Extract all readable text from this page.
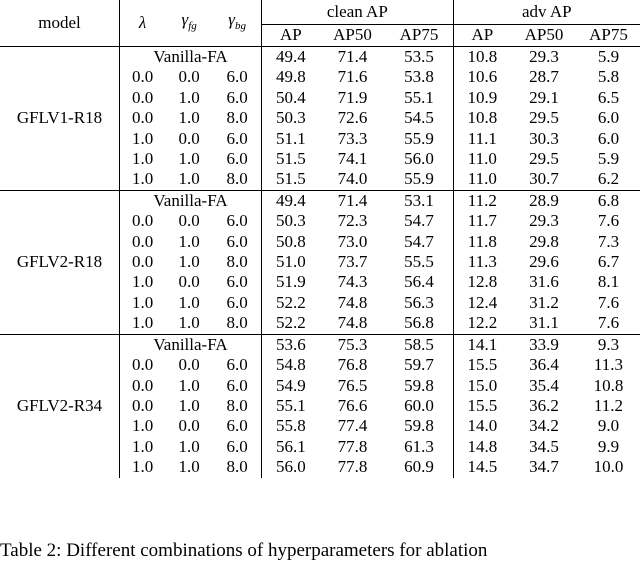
model	λ	$\gamma_{fg}$	$\gamma_{bg}$	clean AP			adv AP		
				AP	AP50	AP75	AP	AP50	AP75
GFLV1-R18	Vanilla-FA			49.4	71.4	53.5	10.8	29.3	5.9
	0.0	0.0	6.0	49.8	71.6	53.8	10.6	28.7	5.8
	0.0	1.0	6.0	50.4	71.9	55.1	10.9	29.1	6.5
	0.0	1.0	8.0	50.3	72.6	54.5	10.8	29.5	6.0
	1.0	0.0	6.0	51.1	73.3	55.9	11.1	30.3	6.0
	1.0	1.0	6.0	51.5	74.1	56.0	11.0	29.5	5.9
	1.0	1.0	8.0	51.5	74.0	55.9	11.0	30.7	6.2
GFLV2-R18	Vanilla-FA			49.4	71.4	53.1	11.2	28.9	6.8
	0.0	0.0	6.0	50.3	72.3	54.7	11.7	29.3	7.6
	0.0	1.0	6.0	50.8	73.0	54.7	11.8	29.8	7.3
	0.0	1.0	8.0	51.0	73.7	55.5	11.3	29.6	6.7
	1.0	0.0	6.0	51.9	74.3	56.4	12.8	31.6	8.1
	1.0	1.0	6.0	52.2	74.8	56.3	12.4	31.2	7.6
	1.0	1.0	8.0	52.2	74.8	56.8	12.2	31.1	7.6
GFLV2-R34	Vanilla-FA			53.6	75.3	58.5	14.1	33.9	9.3
	0.0	0.0	6.0	54.8	76.8	59.7	15.5	36.4	11.3
	0.0	1.0	6.0	54.9	76.5	59.8	15.0	35.4	10.8
	0.0	1.0	8.0	55.1	76.6	60.0	15.5	36.2	11.2
	1.0	0.0	6.0	55.8	77.4	59.8	14.0	34.2	9.0
	1.0	1.0	6.0	56.1	77.8	61.3	14.8	34.5	9.9
	1.0	1.0	8.0	56.0	77.8	60.9	14.5	34.7	10.0
Table 2: Different combinations of hyperparameters for ablation
